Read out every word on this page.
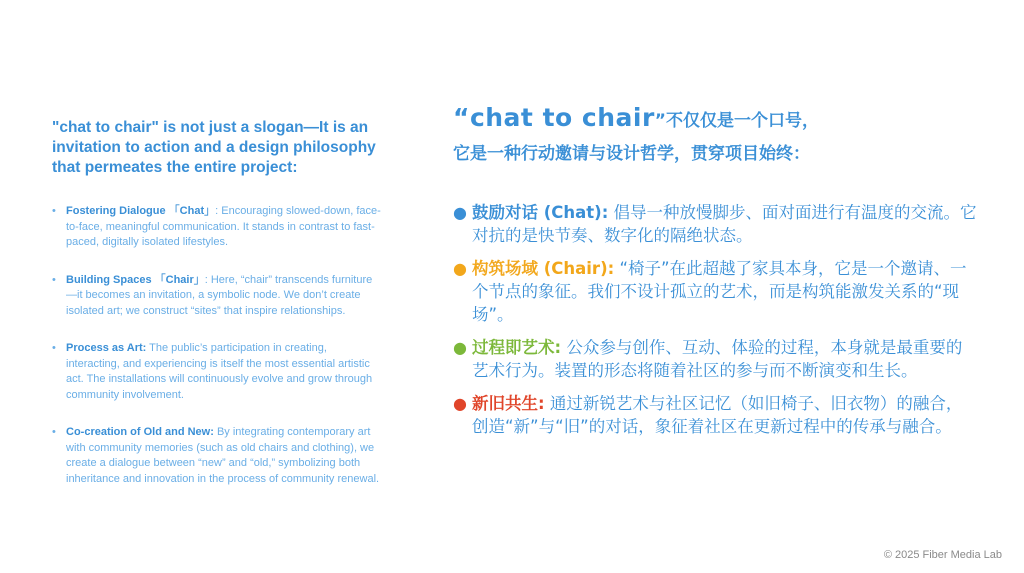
"chat to chair" is not just a slogan—It is an invitation to action and a design philosophy that permeates the entire project:
• Fostering Dialogue 「Chat」: Encouraging slowed-down, face-to-face, meaningful communication. It stands in contrast to fast-paced, digitally isolated lifestyles.
• Building Spaces 「Chair」: Here, “chair” transcends furniture—it becomes an invitation, a symbolic node. We don’t create isolated art; we construct “sites” that inspire relationships.
• Process as Art: The public’s participation in creating, interacting, and experiencing is itself the most essential artistic act. The installations will continuously evolve and grow through community involvement.
• Co-creation of Old and New: By integrating contemporary art with community memories (such as old chairs and clothing), we create a dialogue between “new” and “old,” symbolizing both inheritance and innovation in the process of community renewal.
“chat to chair”不仅仅是一个口号，
它是一种行动邀请与设计哲学，贯穿项目始终：
● 鼓励对话 (Chat): 倡导一种放慢脚步、面对面进行有温度的交流。它对抗的是快节奏、数字化的隔绝状态。
● 构筑场域 (Chair): “椅子”在此超越了家具本身，它是一个邀请、一个节点的象征。我们不设计孤立的艺术，而是构筑能激发关系的“现场”。
● 过程即艺术: 公众参与创作、互动、体验的过程，本身就是最重要的艺术行为。装置的形态将随着社区的参与而不断演变和生长。
● 新旧共生: 通过新锐艺术与社区记忆（如旧椅子、旧衣物）的融合，创造“新”与“旧”的对话，象征着社区在更新过程中的传承与融合。
© 2025 Fiber Media Lab
